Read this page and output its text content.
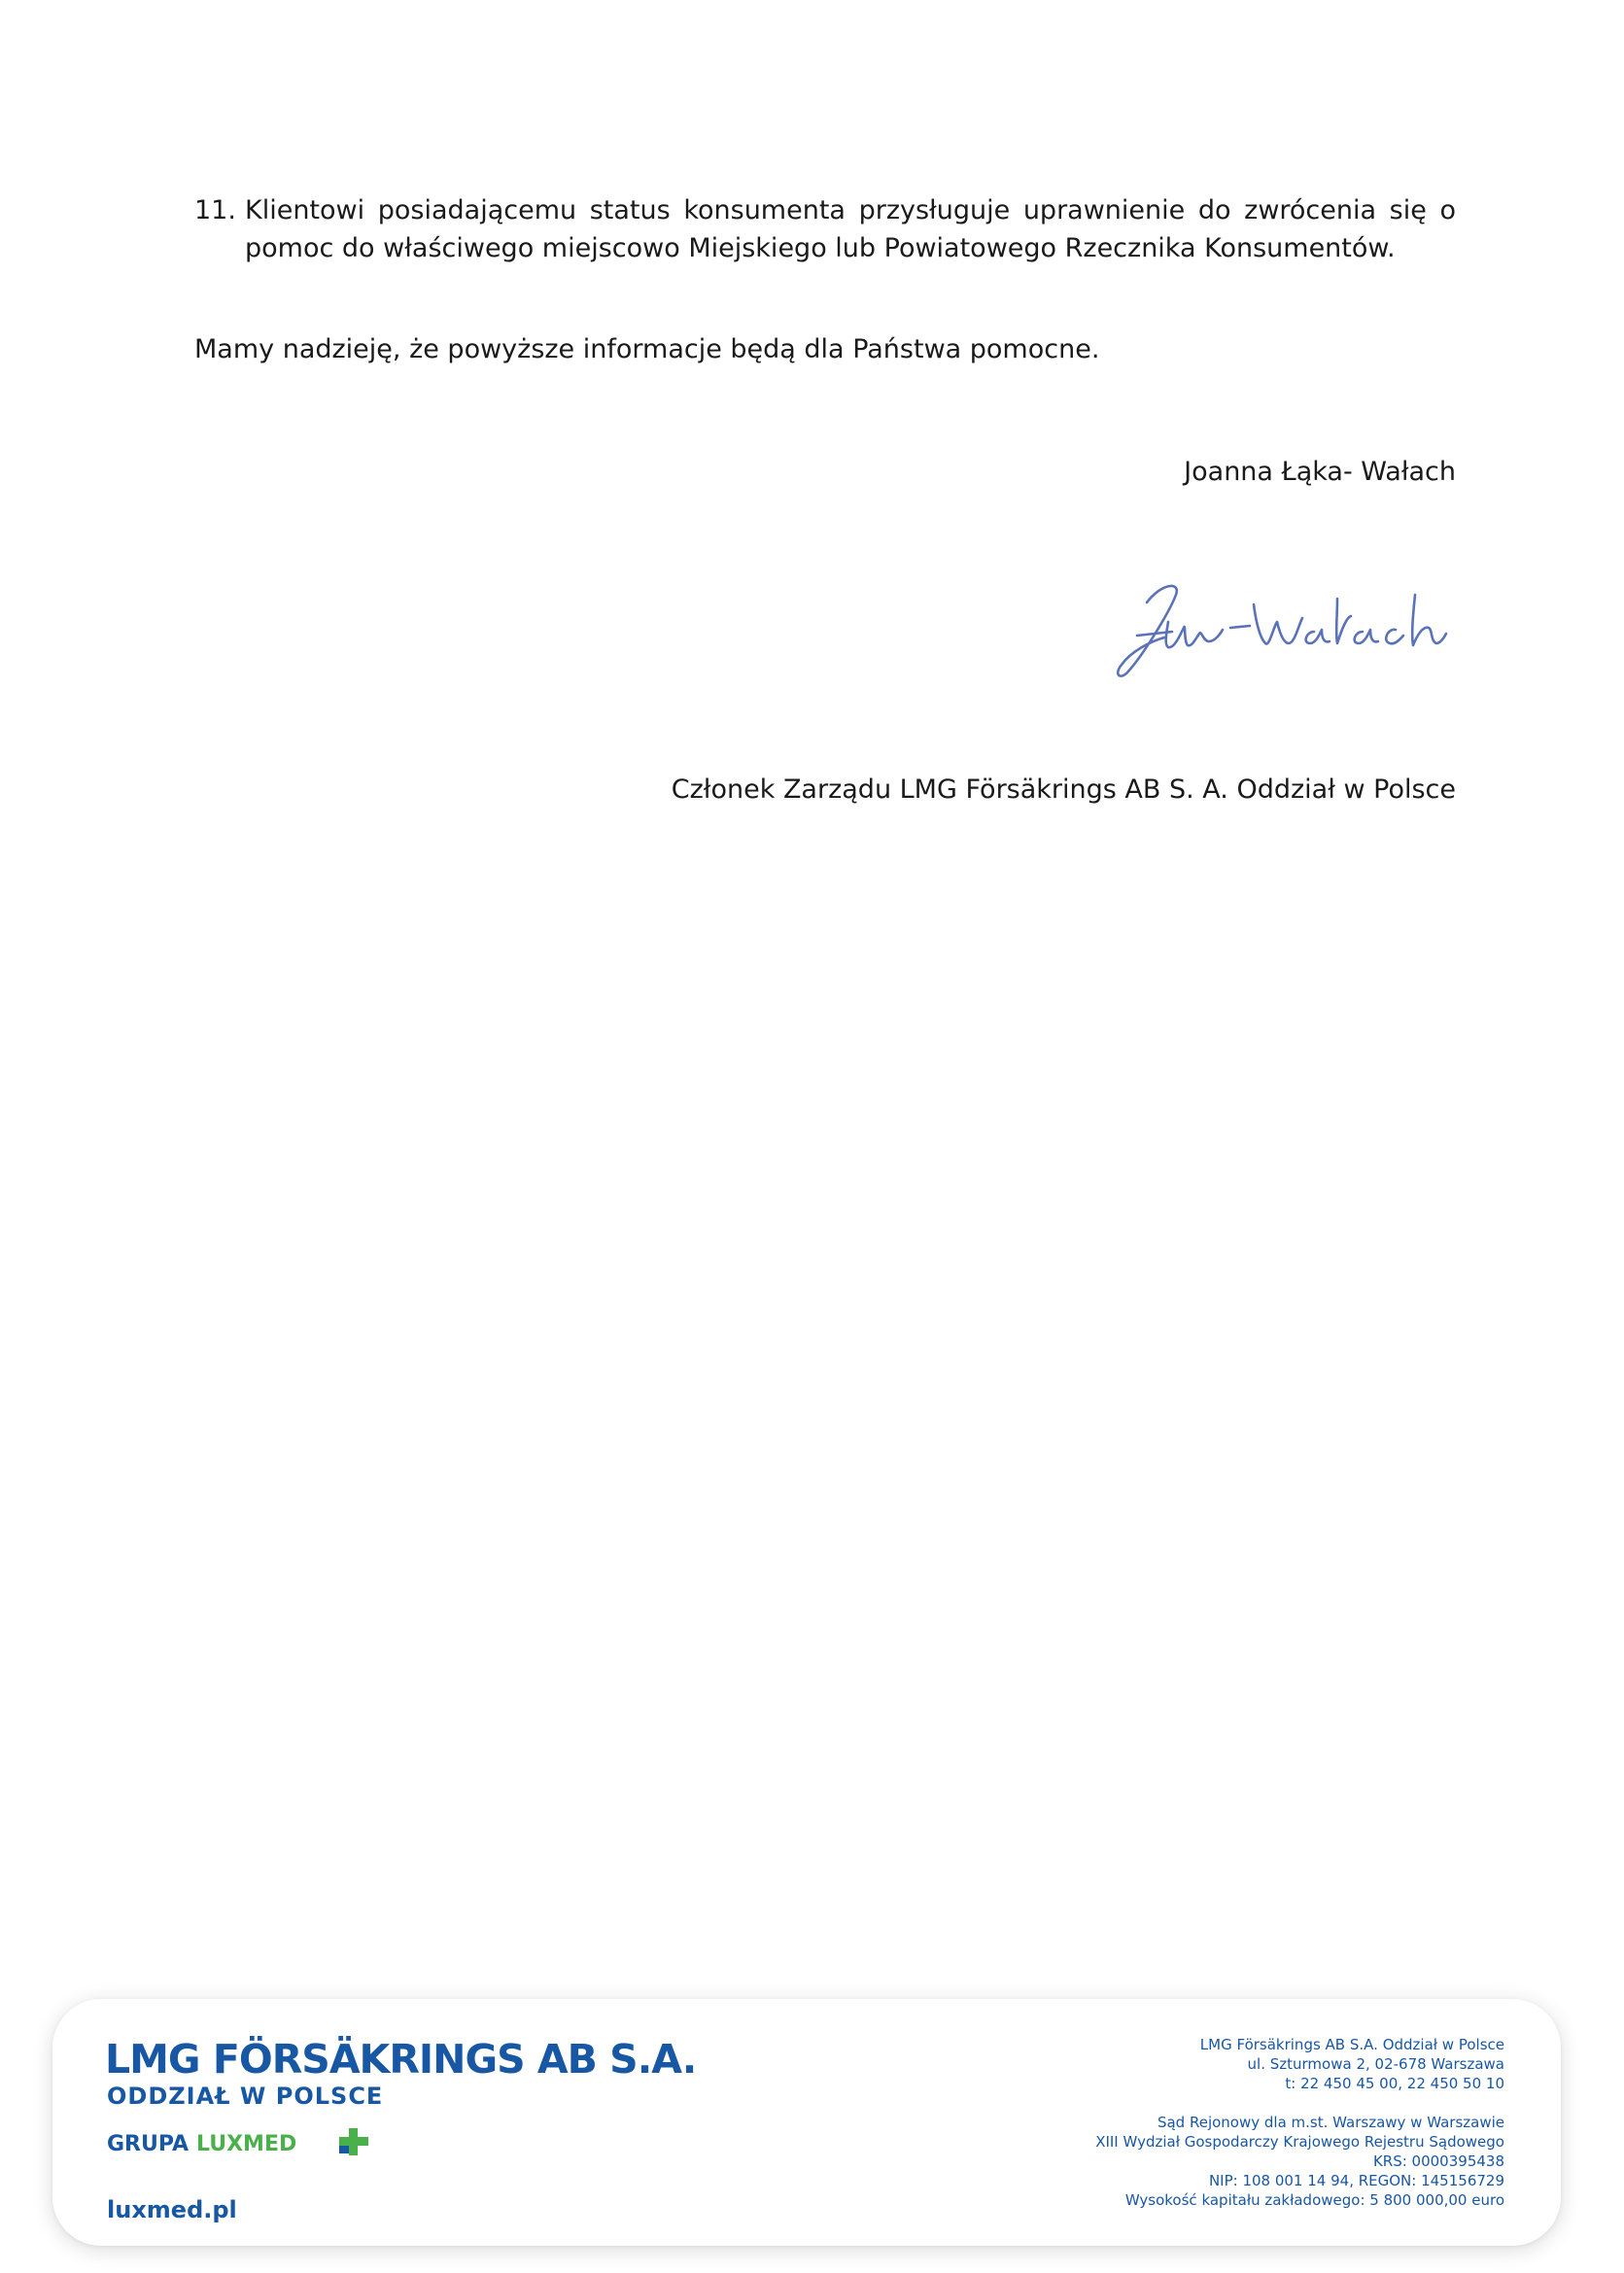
11. Klientowi posiadającemu status konsumenta przysługuje uprawnienie do zwrócenia się o pomoc do właściwego miejscowo Miejskiego lub Powiatowego Rzecznika Konsumentów.
Mamy nadzieję, że powyższe informacje będą dla Państwa pomocne.
Joanna Łąka- Wałach
Członek Zarządu LMG Försäkrings AB S. A. Oddział w Polsce
LMG FÖRSÄKRINGS AB S.A.
ODDZIAŁ W POLSCE
GRUPA LUXMED
luxmed.pl
LMG Försäkrings AB S.A. Oddział w Polsce
ul. Szturmowa 2, 02-678 Warszawa
t: 22 450 45 00, 22 450 50 10
Sąd Rejonowy dla m.st. Warszawy w Warszawie
XIII Wydział Gospodarczy Krajowego Rejestru Sądowego
KRS: 0000395438
NIP: 108 001 14 94, REGON: 145156729
Wysokość kapitału zakładowego: 5 800 000,00 euro
